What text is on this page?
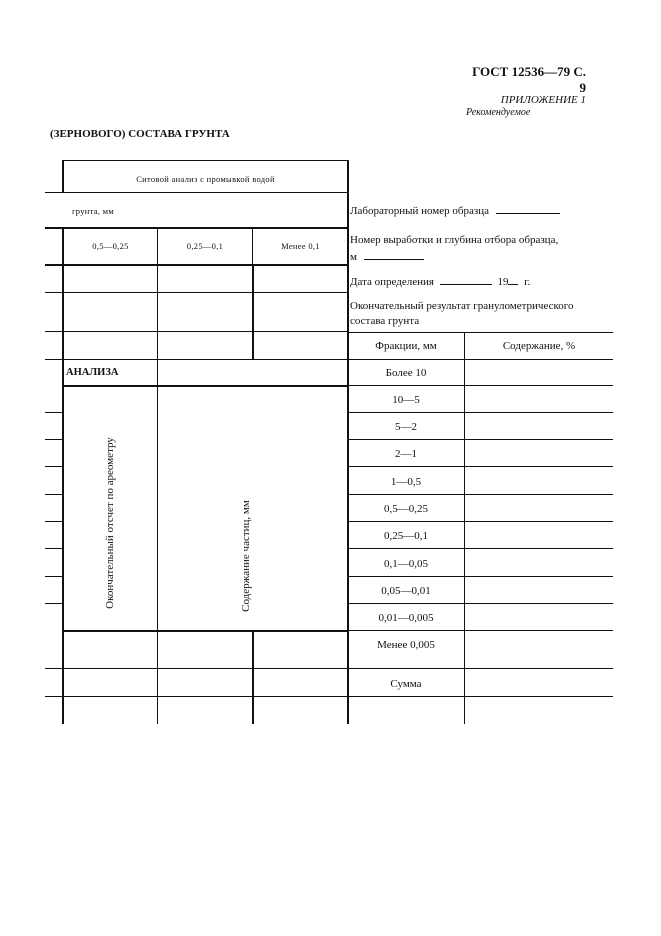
ГОСТ 12536—79 С. 9
ПРИЛОЖЕНИЕ 1
Рекомендуемое
(ЗЕРНОВОГО) СОСТАВА ГРУНТА
Ситовой анализ с промывкой водой
грунта, мм
0,5—0,25	0,25—0,1	Менее 0,1
АНАЛИЗА
Окончательный отсчет по ареометру	Содержание частиц, мм
Лабораторный номер образца
Номер выработки и глубина отбора образца,
м
Дата определения	19 г.
Окончательный результат гранулометрического
состава грунта
Фракции, мм	Содержание, %
Более 10
10—5
5—2
2—1
1—0,5
0,5—0,25
0,25—0,1
0,1—0,05
0,05—0,01
0,01—0,005
Менее 0,005
Сумма
